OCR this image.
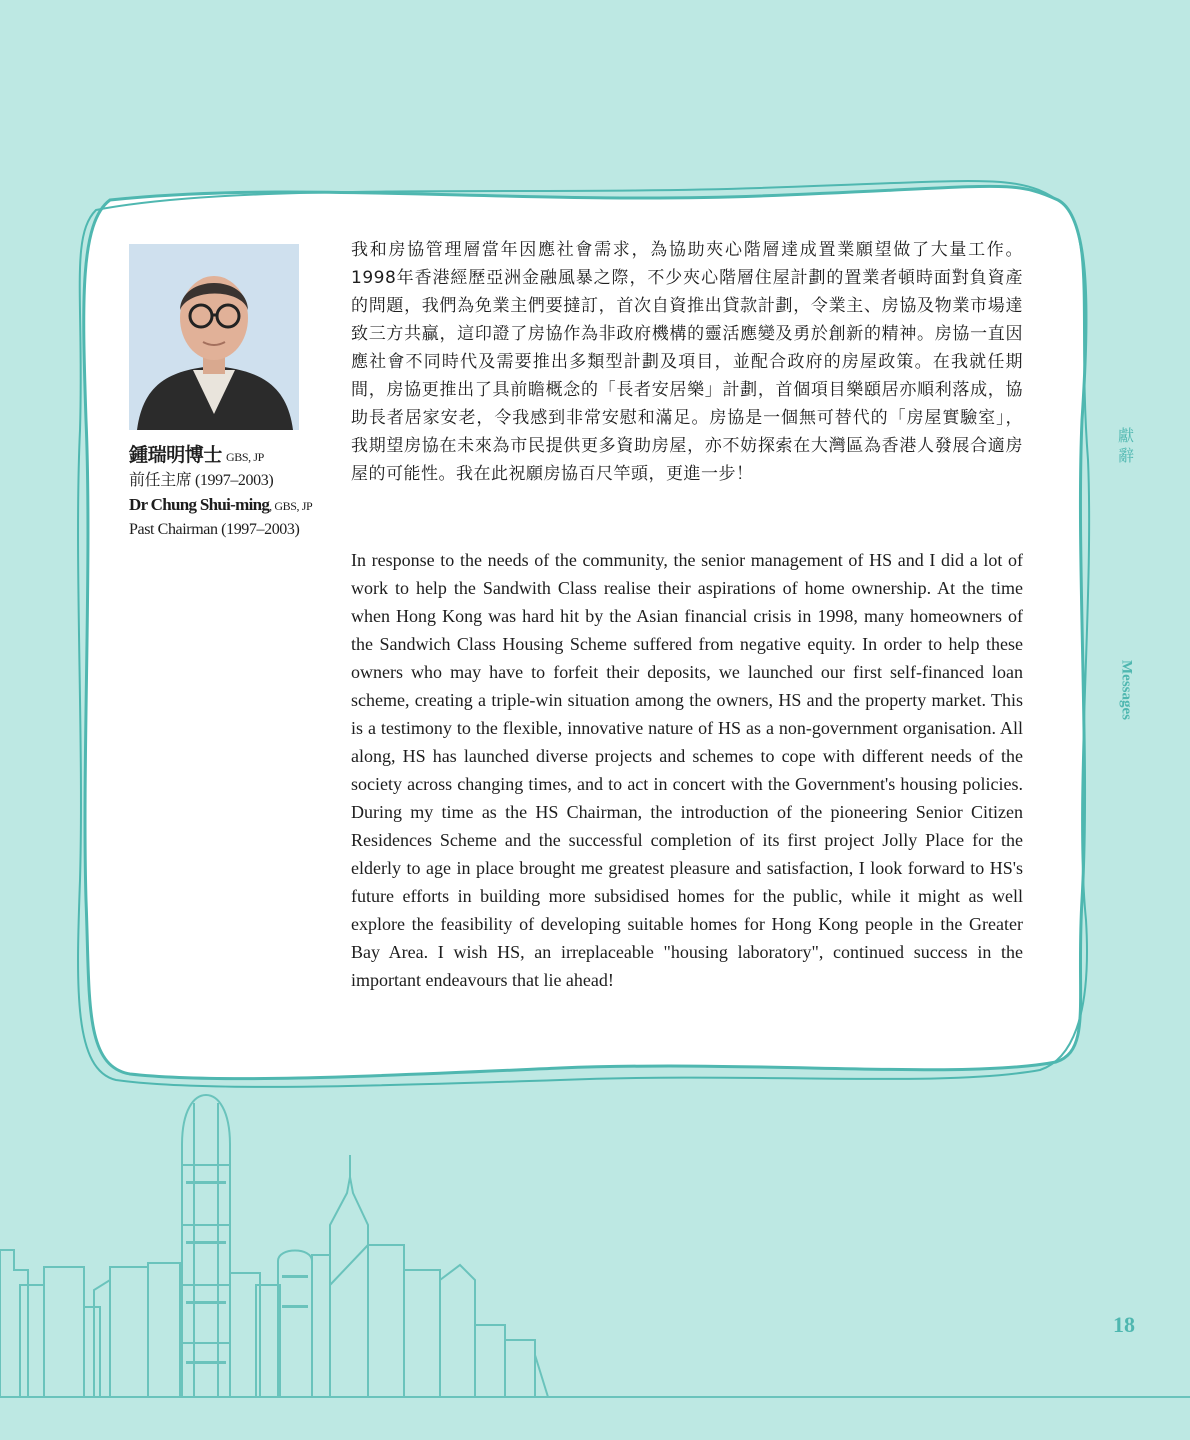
鍾瑞明博士 GBS, JP
前任主席 (1997–2003)
Dr Chung Shui-ming, GBS, JP
Past Chairman (1997–2003)
我和房協管理層當年因應社會需求，為協助夾心階層達成置業願望做了大量工作。1998年香港經歷亞洲金融風暴之際，不少夾心階層住屋計劃的置業者頓時面對負資產的問題，我們為免業主們要撻訂，首次自資推出貸款計劃，令業主、房協及物業市場達致三方共贏，這印證了房協作為非政府機構的靈活應變及勇於創新的精神。房協一直因應社會不同時代及需要推出多類型計劃及項目，並配合政府的房屋政策。在我就任期間，房協更推出了具前瞻概念的「長者安居樂」計劃，首個項目樂頤居亦順利落成，協助長者居家安老，令我感到非常安慰和滿足。房協是一個無可替代的「房屋實驗室」，我期望房協在未來為市民提供更多資助房屋，亦不妨探索在大灣區為香港人發展合適房屋的可能性。我在此祝願房協百尺竿頭，更進一步！
In response to the needs of the community, the senior management of HS and I did a lot of work to help the Sandwith Class realise their aspirations of home ownership. At the time when Hong Kong was hard hit by the Asian financial crisis in 1998, many homeowners of the Sandwich Class Housing Scheme suffered from negative equity. In order to help these owners who may have to forfeit their deposits, we launched our first self-financed loan scheme, creating a triple-win situation among the owners, HS and the property market. This is a testimony to the flexible, innovative nature of HS as a non-government organisation. All along, HS has launched diverse projects and schemes to cope with different needs of the society across changing times, and to act in concert with the Government's housing policies. During my time as the HS Chairman, the introduction of the pioneering Senior Citizen Residences Scheme and the successful completion of its first project Jolly Place for the elderly to age in place brought me greatest pleasure and satisfaction, I look forward to HS's future efforts in building more subsidised homes for the public, while it might as well explore the feasibility of developing suitable homes for Hong Kong people in the Greater Bay Area. I wish HS, an irreplaceable "housing laboratory", continued success in the important endeavours that lie ahead!
獻辭
Messages
18
